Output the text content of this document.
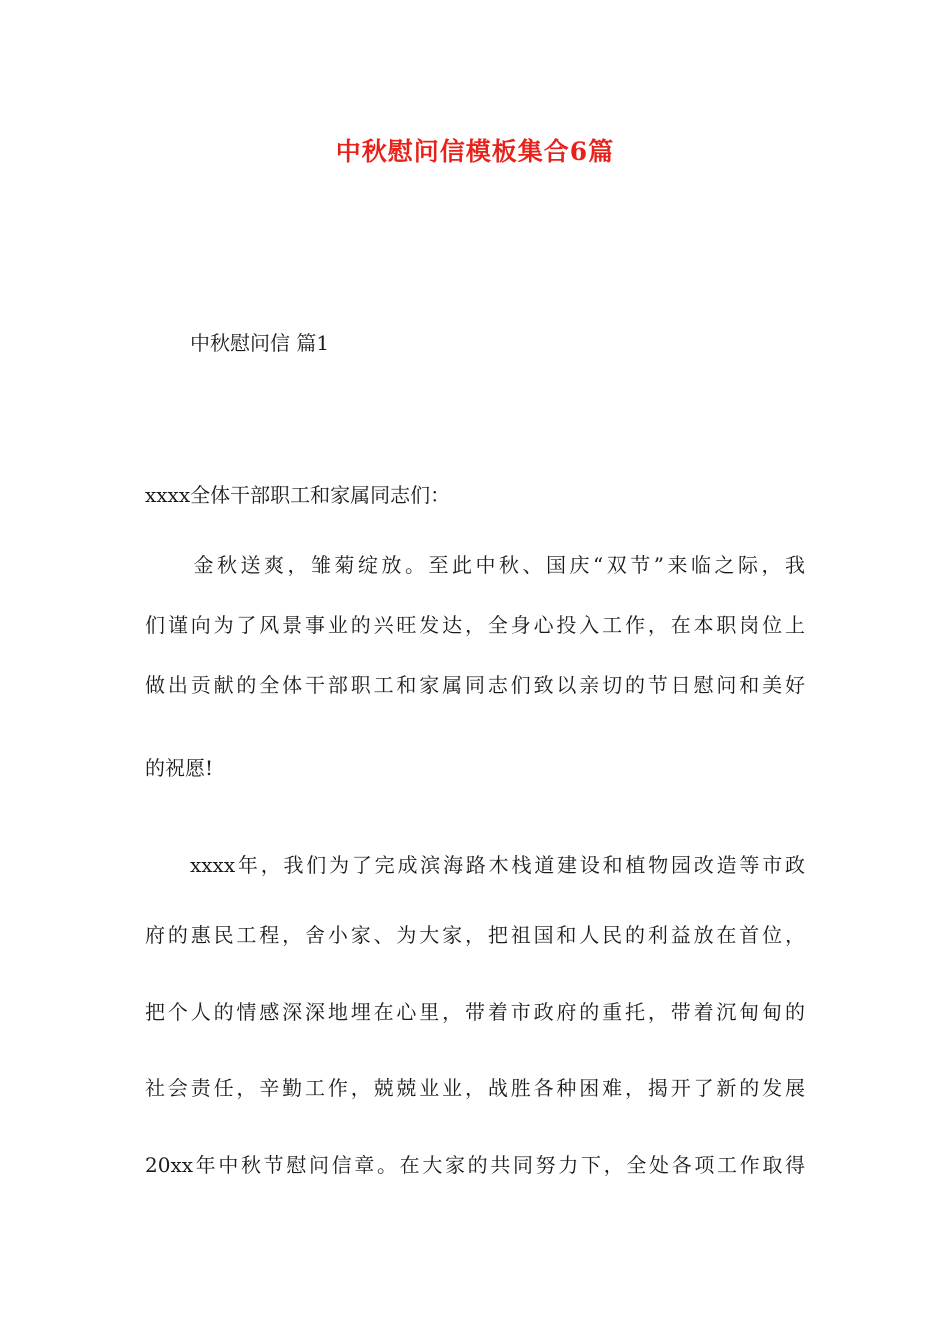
中秋慰问信模板集合6篇
中秋慰问信 篇1

xxxx全体干部职工和家属同志们：

金秋送爽，雏菊绽放。至此中秋、国庆“双节”来临之际，我

们谨向为了风景事业的兴旺发达，全身心投入工作，在本职岗位上

做出贡献的全体干部职工和家属同志们致以亲切的节日慰问和美好

的祝愿!

xxxx年，我们为了完成滨海路木栈道建设和植物园改造等市政

府的惠民工程，舍小家、为大家，把祖国和人民的利益放在首位，

把个人的情感深深地埋在心里，带着市政府的重托，带着沉甸甸的

社会责任，辛勤工作，兢兢业业，战胜各种困难，揭开了新的发展

20xx年中秋节慰问信章。在大家的共同努力下，全处各项工作取得
